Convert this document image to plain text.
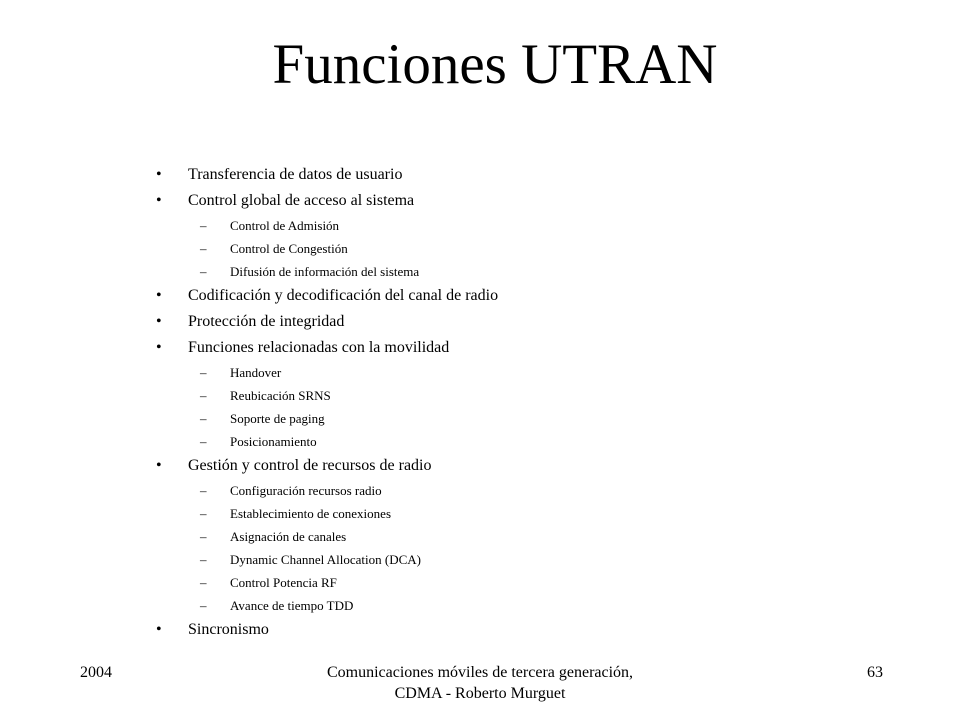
Funciones UTRAN
•	Transferencia de datos de usuario
•	Control global de acceso al sistema
–	Control de Admisión
–	Control de Congestión
–	Difusión de información del sistema
•	Codificación y decodificación del canal de radio
•	Protección de integridad
•	Funciones relacionadas con la movilidad
–	Handover
–	Reubicación SRNS
–	Soporte de paging
–	Posicionamiento
•	Gestión y control de recursos de radio
–	Configuración recursos radio
–	Establecimiento de conexiones
–	Asignación de canales
–	Dynamic Channel Allocation (DCA)
–	Control Potencia RF
–	Avance de tiempo TDD
•	Sincronismo
2004	Comunicaciones móviles de tercera generación, CDMA - Roberto Murguet
63
